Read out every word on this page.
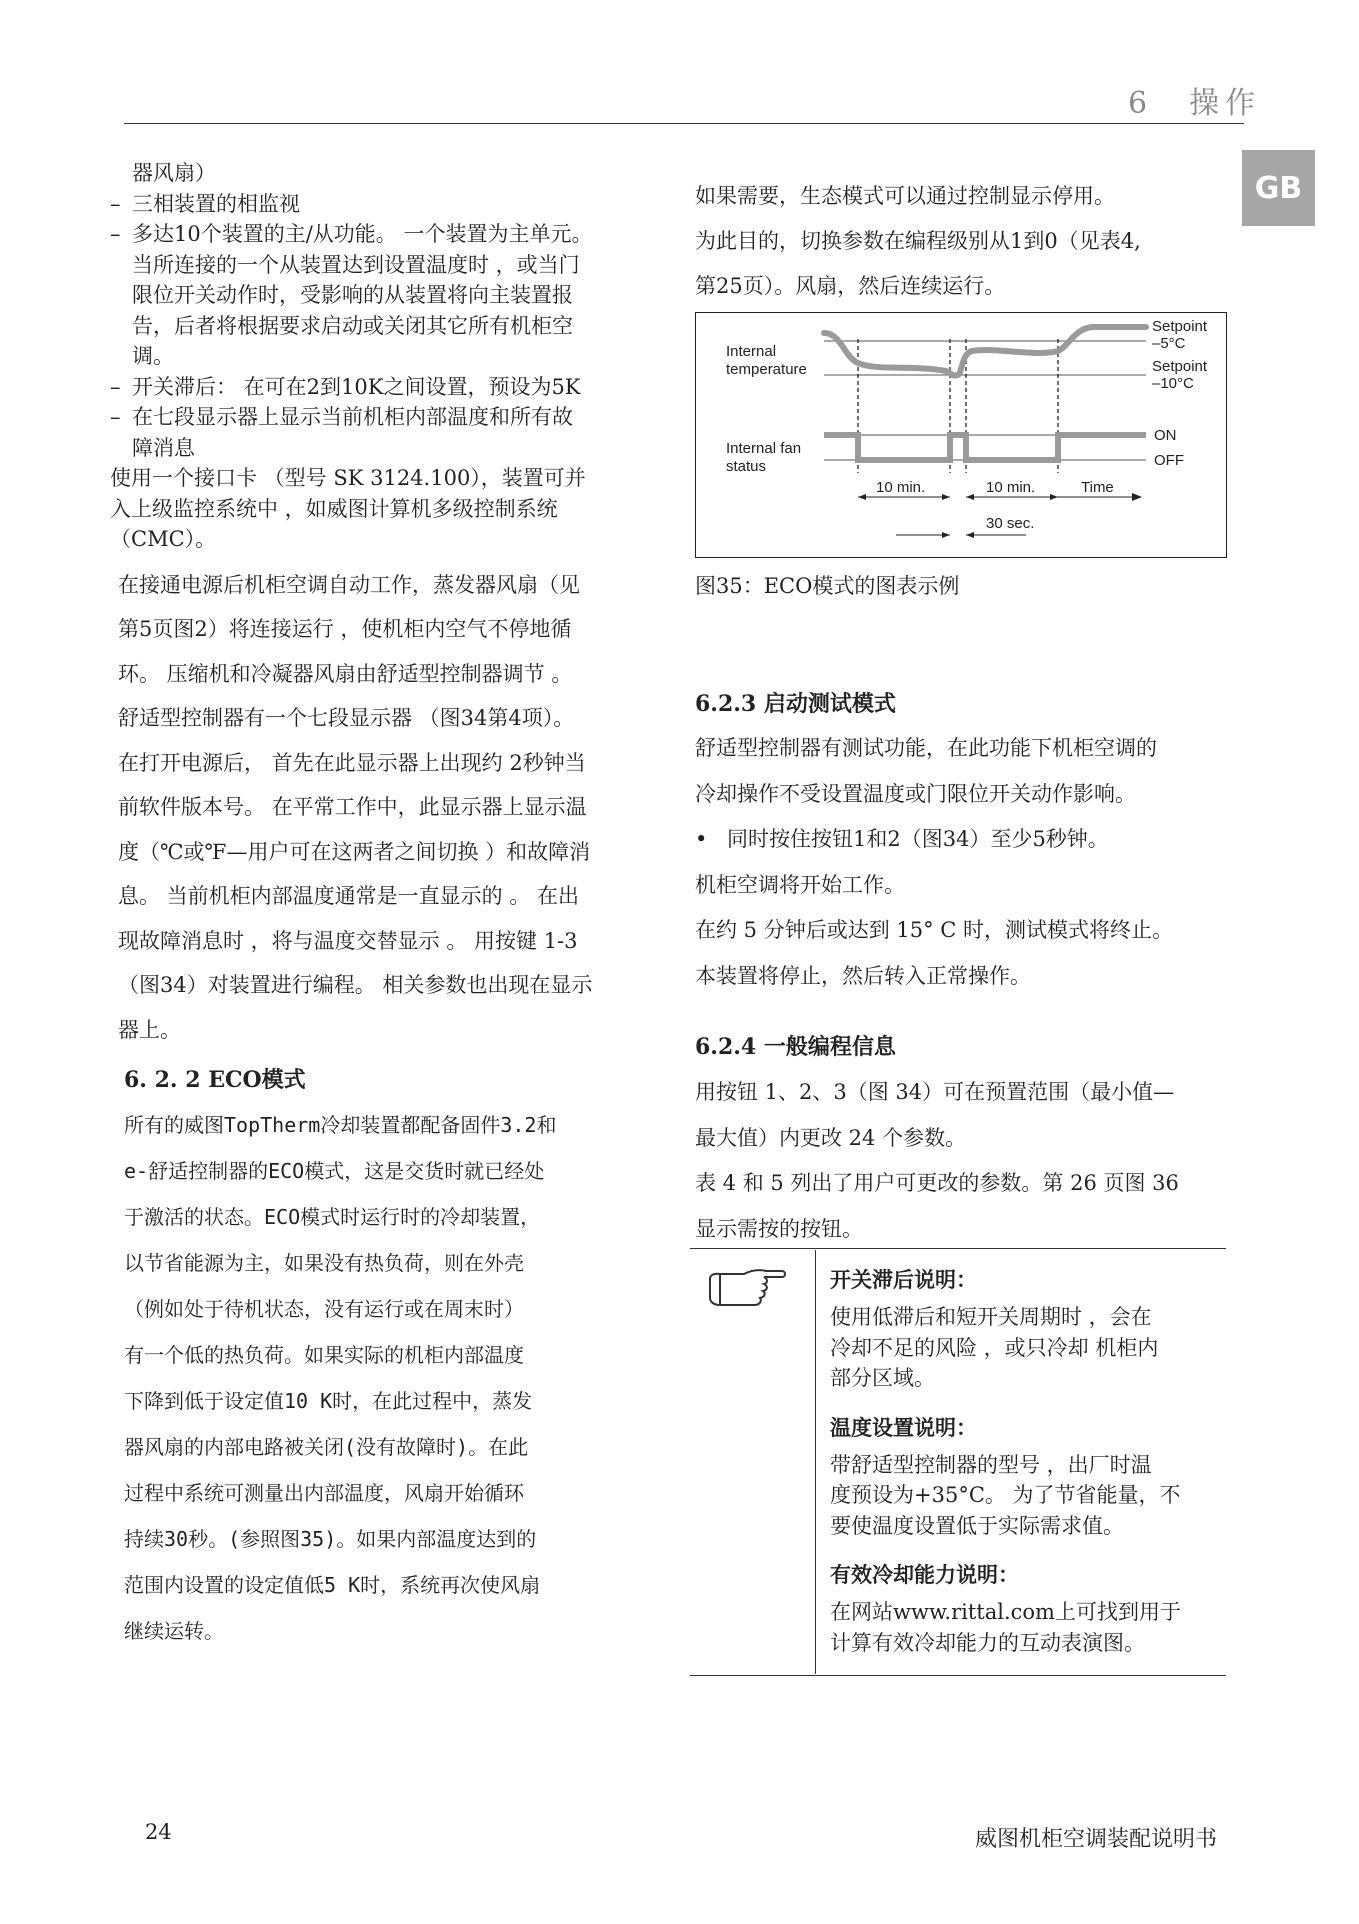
6　操作
GB
器风扇）
– 三相装置的相监视
– 多达10个装置的主/从功能。 一个装置为主单元。
当所连接的一个从装置达到设置温度时 ，或当门
限位开关动作时，受影响的从装置将向主装置报
告，后者将根据要求启动或关闭其它所有机柜空
调。
– 开关滞后： 在可在2到10K之间设置，预设为5K
– 在七段显示器上显示当前机柜内部温度和所有故
障消息
使用一个接口卡 （型号 SK 3124.100），装置可并
入上级监控系统中 ，如威图计算机多级控制系统
（CMC）。

在接通电源后机柜空调自动工作，蒸发器风扇（见

第5页图2）将连接运行 ，使机柜内空气不停地循

环。 压缩机和冷凝器风扇由舒适型控制器调节 。

舒适型控制器有一个七段显示器 （图34第4项）。

在打开电源后， 首先在此显示器上出现约 2秒钟当

前软件版本号。 在平常工作中，此显示器上显示温

度（℃或℉—用户可在这两者之间切换 ）和故障消

息。 当前机柜内部温度通常是一直显示的 。 在出

现故障消息时 ，将与温度交替显示 。 用按键 1-3

（图34）对装置进行编程。 相关参数也出现在显示

器上。

6. 2. 2 ECO模式

所有的威图TopTherm冷却装置都配备固件3.2和

e-舒适控制器的ECO模式，这是交货时就已经处

于激活的状态。ECO模式时运行时的冷却装置，

以节省能源为主，如果没有热负荷，则在外壳

（例如处于待机状态，没有运行或在周末时）

有一个低的热负荷。如果实际的机柜内部温度

下降到低于设定值10 K时，在此过程中，蒸发

器风扇的内部电路被关闭(没有故障时)。在此

过程中系统可测量出内部温度，风扇开始循环

持续30秒。(参照图35)。如果内部温度达到的

范围内设置的设定值低5 K时，系统再次使风扇

继续运转。

如果需要，生态模式可以通过控制显示停用。

为此目的，切换参数在编程级别从1到0（见表4,

第25页）。风扇，然后连续运行。

Internal temperature
Internal fan status
Setpoint –5°C
Setpoint –10°C
ON
OFF
10 min.	10 min.	Time
30 sec.
图35：ECO模式的图表示例
6.2.3 启动测试模式

舒适型控制器有测试功能，在此功能下机柜空调的

冷却操作不受设置温度或门限位开关动作影响。

• 同时按住按钮1和2（图34）至少5秒钟。

机柜空调将开始工作。

在约 5 分钟后或达到 15° C 时，测试模式将终止。

本装置将停止，然后转入正常操作。

6.2.4 一般编程信息

用按钮 1、2、3（图 34）可在预置范围（最小值—

最大值）内更改 24 个参数。

表 4 和 5 列出了用户可更改的参数。第 26 页图 36

显示需按的按钮。

开关滞后说明：
使用低滞后和短开关周期时 ，会在
冷却不足的风险 ，或只冷却 机柜内
部分区域。
温度设置说明：
带舒适型控制器的型号 ，出厂时温
度预设为+35°C。 为了节省能量，不
要使温度设置低于实际需求值。
有效冷却能力说明：
在网站www.rittal.com上可找到用于
计算有效冷却能力的互动表演图。
24	威图机柜空调装配说明书
